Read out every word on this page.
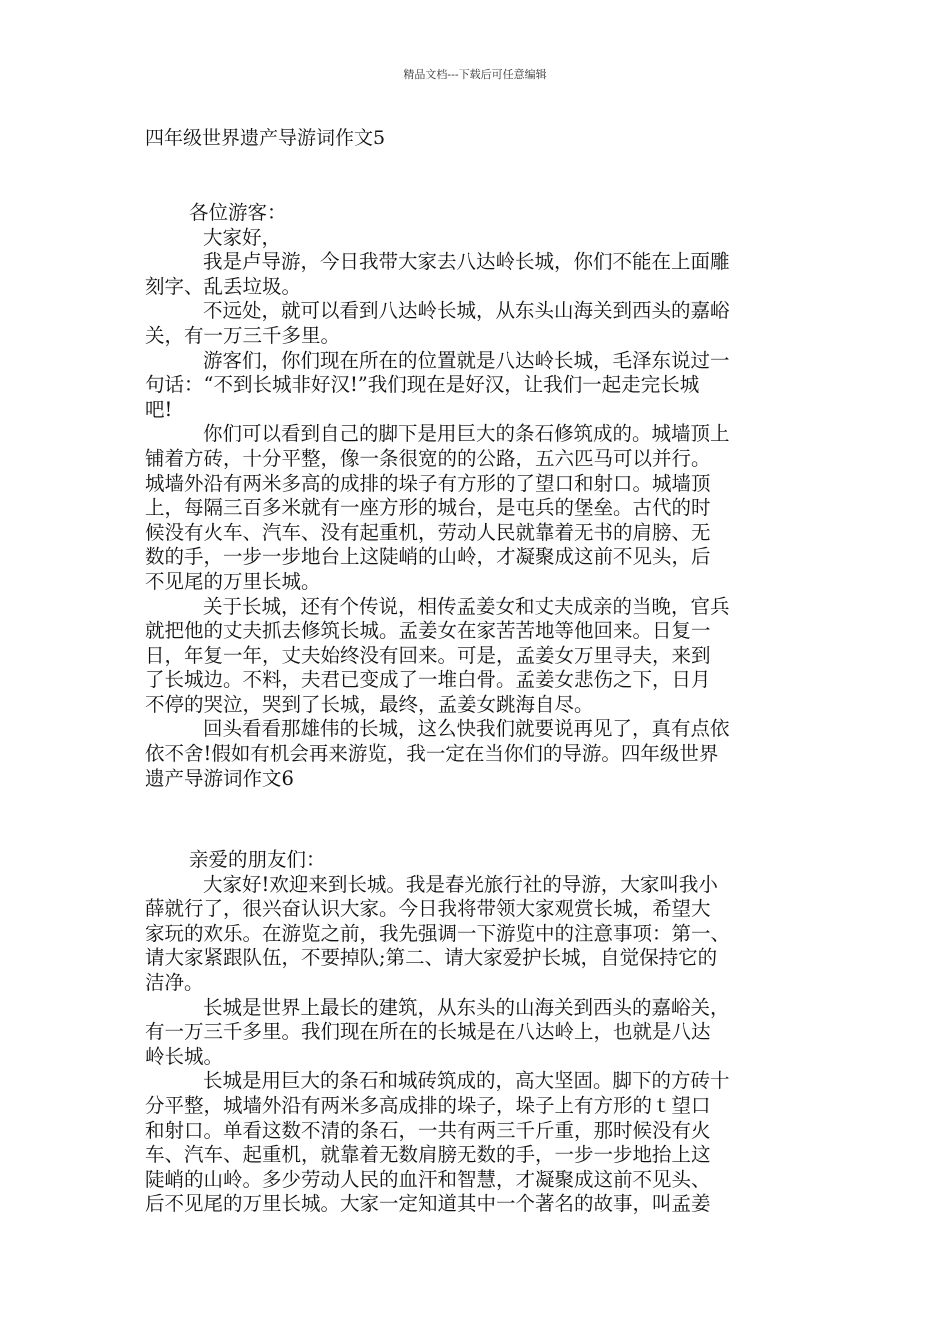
精品文档---下载后可任意编辑
四年级世界遗产导游词作文5
各位游客：
大家好，
我是卢导游，今日我带大家去八达岭长城，你们不能在上面雕
刻字、乱丢垃圾。
不远处，就可以看到八达岭长城，从东头山海关到西头的嘉峪
关，有一万三千多里。
游客们，你们现在所在的位置就是八达岭长城，毛泽东说过一
句话：“不到长城非好汉!”我们现在是好汉，让我们一起走完长城
吧!
你们可以看到自己的脚下是用巨大的条石修筑成的。城墙顶上
铺着方砖，十分平整，像一条很宽的的公路，五六匹马可以并行。
城墙外沿有两米多高的成排的垛子有方形的了望口和射口。城墙顶
上，每隔三百多米就有一座方形的城台，是屯兵的堡垒。古代的时
候没有火车、汽车、没有起重机，劳动人民就靠着无书的肩膀、无
数的手，一步一步地台上这陡峭的山岭，才凝聚成这前不见头，后
不见尾的万里长城。
关于长城，还有个传说，相传孟姜女和丈夫成亲的当晚，官兵
就把他的丈夫抓去修筑长城。孟姜女在家苦苦地等他回来。日复一
日，年复一年，丈夫始终没有回来。可是，孟姜女万里寻夫，来到
了长城边。不料，夫君已变成了一堆白骨。孟姜女悲伤之下，日月
不停的哭泣，哭到了长城，最终，孟姜女跳海自尽。
回头看看那雄伟的长城，这么快我们就要说再见了，真有点依
依不舍!假如有机会再来游览，我一定在当你们的导游。四年级世界
遗产导游词作文6
亲爱的朋友们：
大家好!欢迎来到长城。我是春光旅行社的导游，大家叫我小
薛就行了，很兴奋认识大家。今日我将带领大家观赏长城，希望大
家玩的欢乐。在游览之前，我先强调一下游览中的注意事项：第一、
请大家紧跟队伍，不要掉队;第二、请大家爱护长城，自觉保持它的
洁净。
长城是世界上最长的建筑，从东头的山海关到西头的嘉峪关，
有一万三千多里。我们现在所在的长城是在八达岭上，也就是八达
岭长城。
长城是用巨大的条石和城砖筑成的，高大坚固。脚下的方砖十
分平整，城墙外沿有两米多高成排的垛子，垛子上有方形的ｔ望口
和射口。单看这数不清的条石，一共有两三千斤重，那时候没有火
车、汽车、起重机，就靠着无数肩膀无数的手，一步一步地抬上这
陡峭的山岭。多少劳动人民的血汗和智慧，才凝聚成这前不见头、
后不见尾的万里长城。大家一定知道其中一个著名的故事，叫孟姜
